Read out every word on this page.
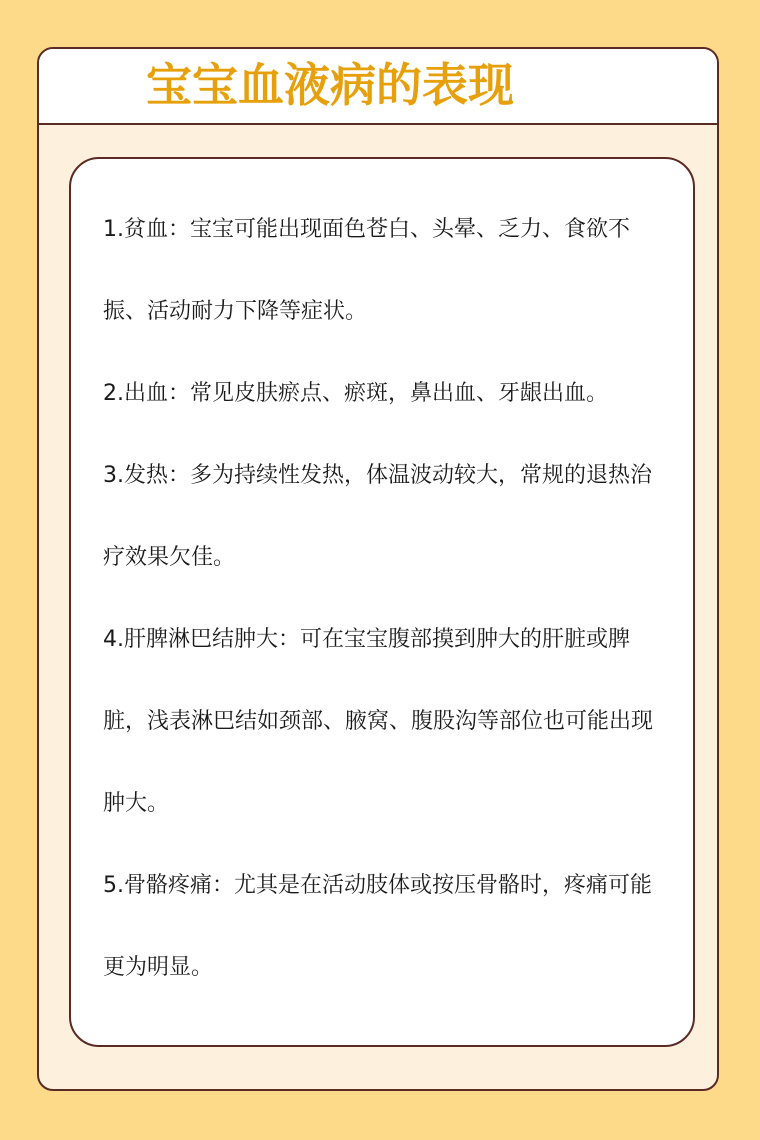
宝宝血液病的表现
1.贫血：宝宝可能出现面色苍白、头晕、乏力、食欲不振、活动耐力下降等症状。
2.出血：常见皮肤瘀点、瘀斑，鼻出血、牙龈出血。
3.发热：多为持续性发热，体温波动较大，常规的退热治疗效果欠佳。
4.肝脾淋巴结肿大：可在宝宝腹部摸到肿大的肝脏或脾脏，浅表淋巴结如颈部、腋窝、腹股沟等部位也可能出现肿大。
5.骨骼疼痛：尤其是在活动肢体或按压骨骼时，疼痛可能更为明显。
